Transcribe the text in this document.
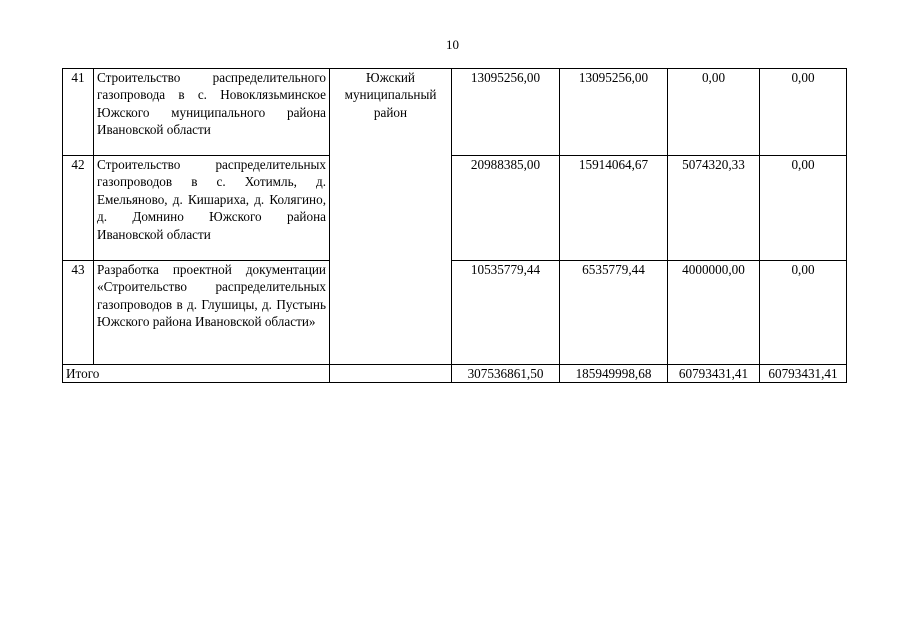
10
41	Строительство распределительного газопровода в с. Новоклязьминское Южского муниципального района Ивановской области	Южский муниципальный район	13095256,00	13095256,00	0,00	0,00
42	Строительство распределительных газопроводов в с. Хотимль, д. Емельяново, д. Кишариха, д. Колягино, д. Домнино Южского района Ивановской области		20988385,00	15914064,67	5074320,33	0,00
43	Разработка проектной документации «Строительство распределительных газопроводов в д. Глушицы, д. Пустынь Южского района Ивановской области»		10535779,44	6535779,44	4000000,00	0,00
Итого			307536861,50	185949998,68	60793431,41	60793431,41
